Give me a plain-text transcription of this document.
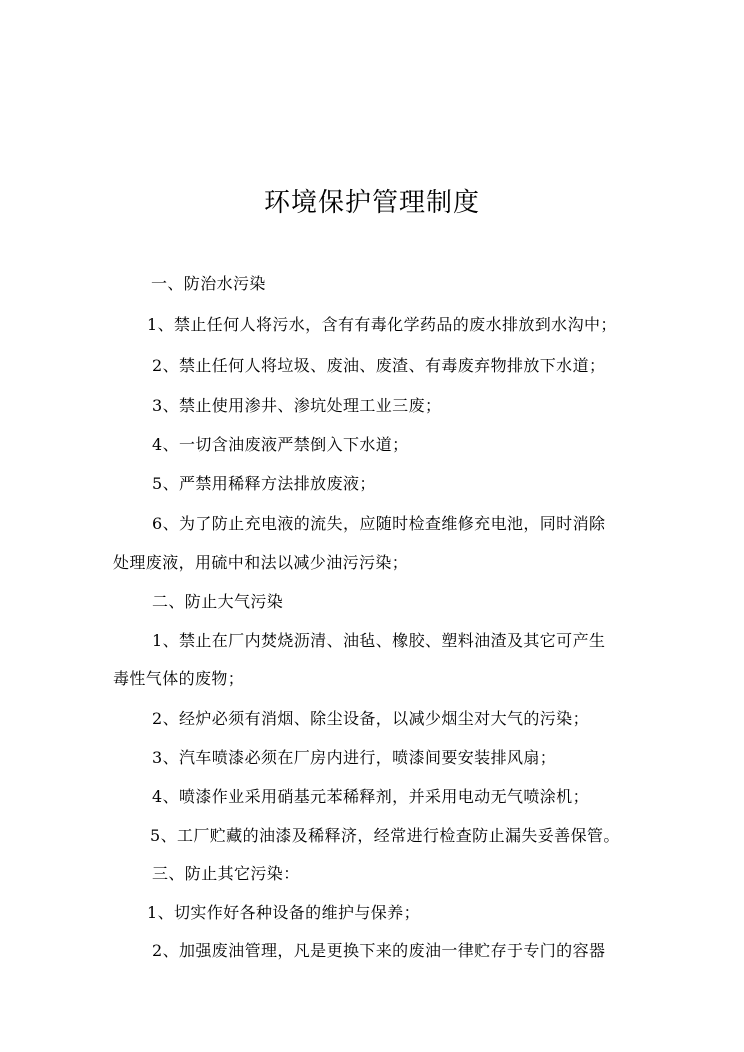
环境保护管理制度
一、防治水污染
1、禁止任何人将污水，含有有毒化学药品的废水排放到水沟中；
2、禁止任何人将垃圾、废油、废渣、有毒废弃物排放下水道；
3、禁止使用渗井、渗坑处理工业三废；
4、一切含油废液严禁倒入下水道；
5、严禁用稀释方法排放废液；
6、为了防止充电液的流失，应随时检查维修充电池，同时消除
处理废液，用硫中和法以减少油污污染；
二、防止大气污染
1、禁止在厂内焚烧沥清、油毡、橡胶、塑料油渣及其它可产生
毒性气体的废物；
2、经炉必须有消烟、除尘设备，以减少烟尘对大气的污染；
3、汽车喷漆必须在厂房内进行，喷漆间要安装排风扇；
4、喷漆作业采用硝基元苯稀释剂，并采用电动无气喷涂机；
5、工厂贮藏的油漆及稀释济，经常进行检查防止漏失妥善保管。
三、防止其它污染：
1、切实作好各种设备的维护与保养；
2、加强废油管理，凡是更换下来的废油一律贮存于专门的容器
